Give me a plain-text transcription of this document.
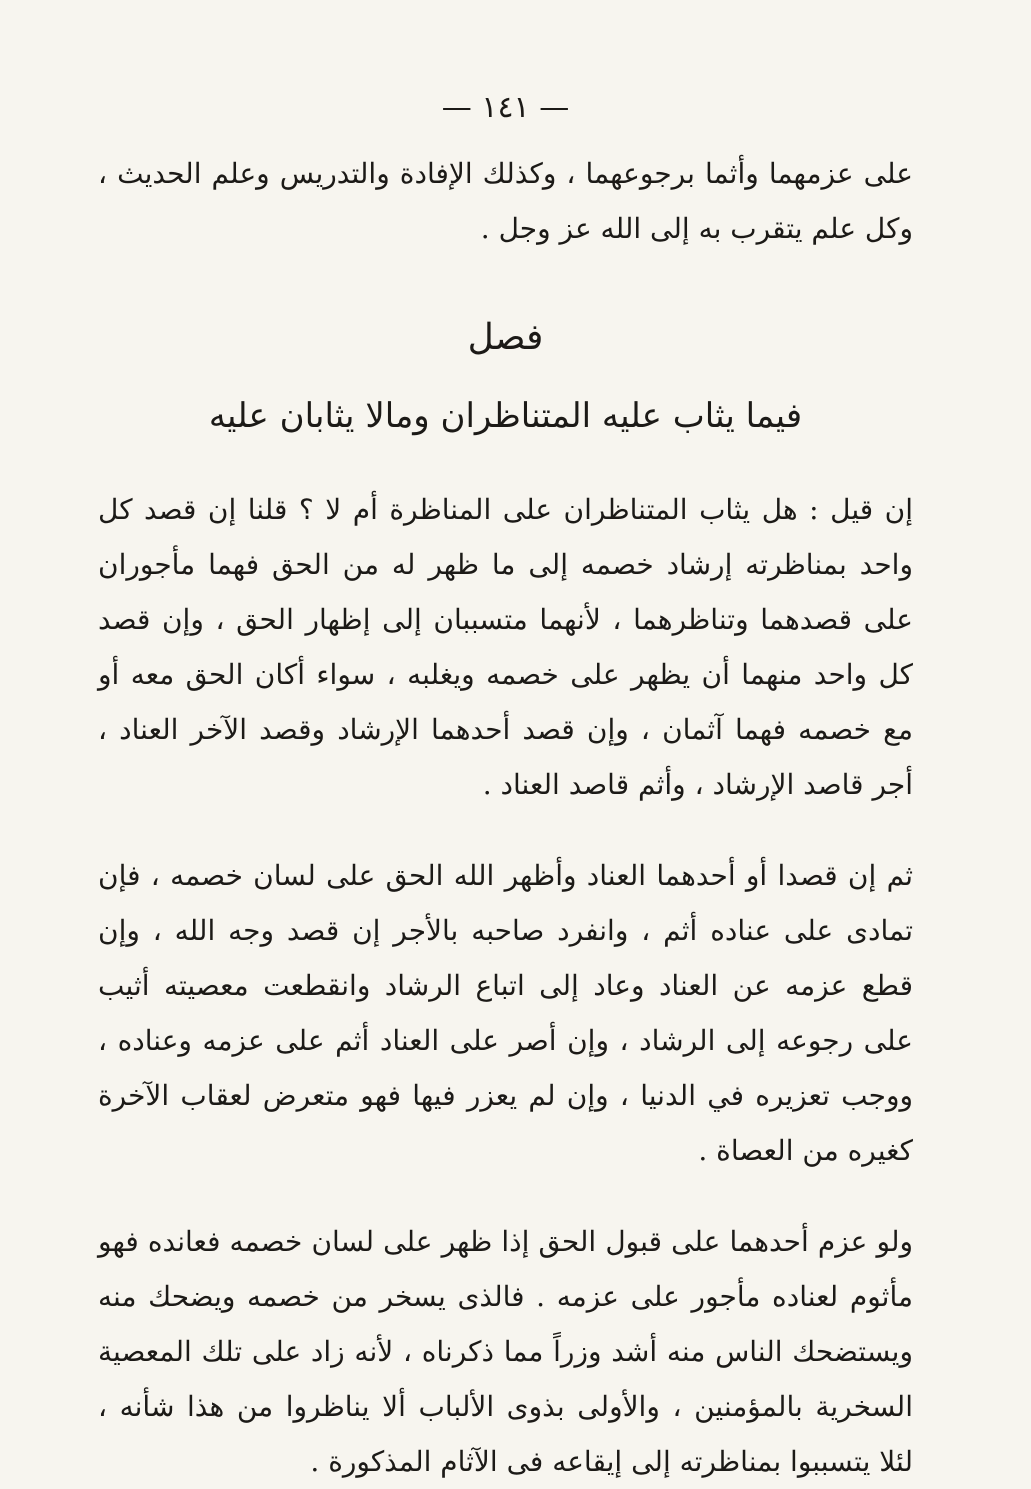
— ١٤١ —

على عزمهما وأثما برجوعهما ، وكذلك الإفادة والتدريس وعلم الحديث ، وكل علم يتقرب به إلى الله عز وجل .

فصل
فيما يثاب عليه المتناظران ومالا يثابان عليه

إن قيل : هل يثاب المتناظران على المناظرة أم لا ؟ قلنا إن قصد كل واحد بمناظرته إرشاد خصمه إلى ما ظهر له من الحق فهما مأجوران على قصدهما وتناظرهما ، لأنهما متسببان إلى إظهار الحق ، وإن قصد كل واحد منهما أن يظهر على خصمه ويغلبه ، سواء أكان الحق معه أو مع خصمه فهما آثمان ، وإن قصد أحدهما الإرشاد وقصد الآخر العناد ، أجر قاصد الإرشاد ، وأثم قاصد العناد .

ثم إن قصدا أو أحدهما العناد وأظهر الله الحق على لسان خصمه ، فإن تمادى على عناده أثم ، وانفرد صاحبه بالأجر إن قصد وجه الله ، وإن قطع عزمه عن العناد وعاد إلى اتباع الرشاد وانقطعت معصيته أثيب على رجوعه إلى الرشاد ، وإن أصر على العناد أثم على عزمه وعناده ، ووجب تعزيره في الدنيا ، وإن لم يعزر فيها فهو متعرض لعقاب الآخرة كغيره من العصاة .

ولو عزم أحدهما على قبول الحق إذا ظهر على لسان خصمه فعانده فهو مأثوم لعناده مأجور على عزمه . فالذى يسخر من خصمه ويضحك منه ويستضحك الناس منه أشد وزراً مما ذكرناه ، لأنه زاد على تلك المعصية السخرية بالمؤمنين ، والأولى بذوى الألباب ألا يناظروا من هذا شأنه ، لئلا يتسببوا بمناظرته إلى إيقاعه فى الآثام المذكورة .
